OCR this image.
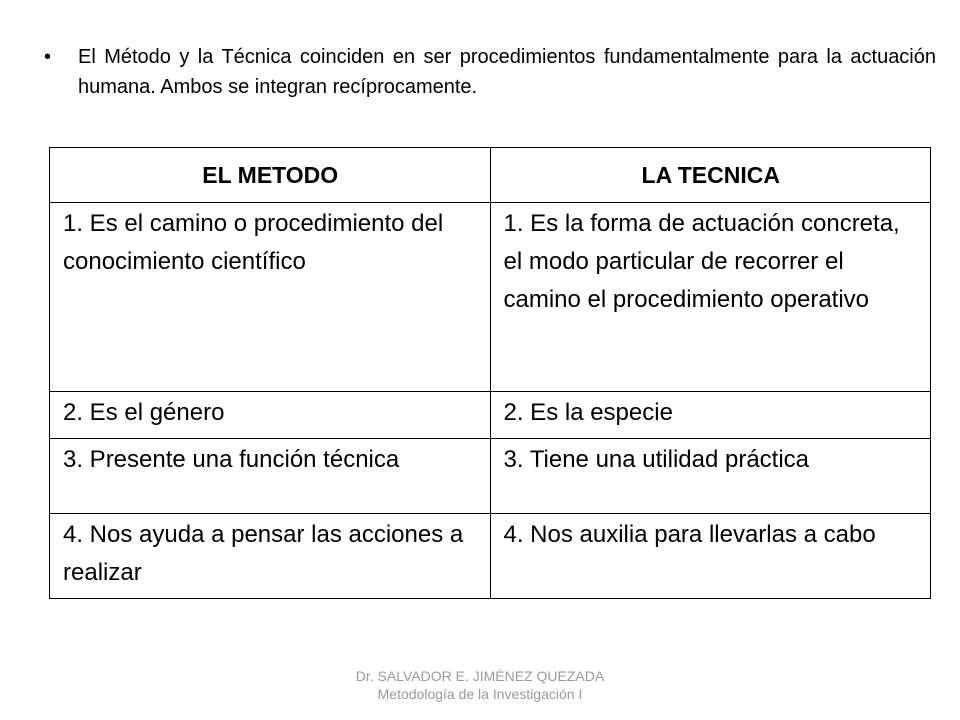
•	El Método y la Técnica coinciden en ser procedimientos fundamentalmente para la actuación humana. Ambos se integran recíprocamente.
EL METODO	LA TECNICA
1. Es el camino o procedimiento del conocimiento científico	1. Es la forma de actuación concreta, el modo particular de recorrer el camino el procedimiento operativo
2. Es el género	2. Es la especie
3. Presente una función técnica	3. Tiene una utilidad práctica
4. Nos ayuda a pensar las acciones a realizar	4. Nos auxilia para llevarlas a cabo
Dr. SALVADOR E. JIMÉNEZ QUEZADA
Metodología de la Investigación I
